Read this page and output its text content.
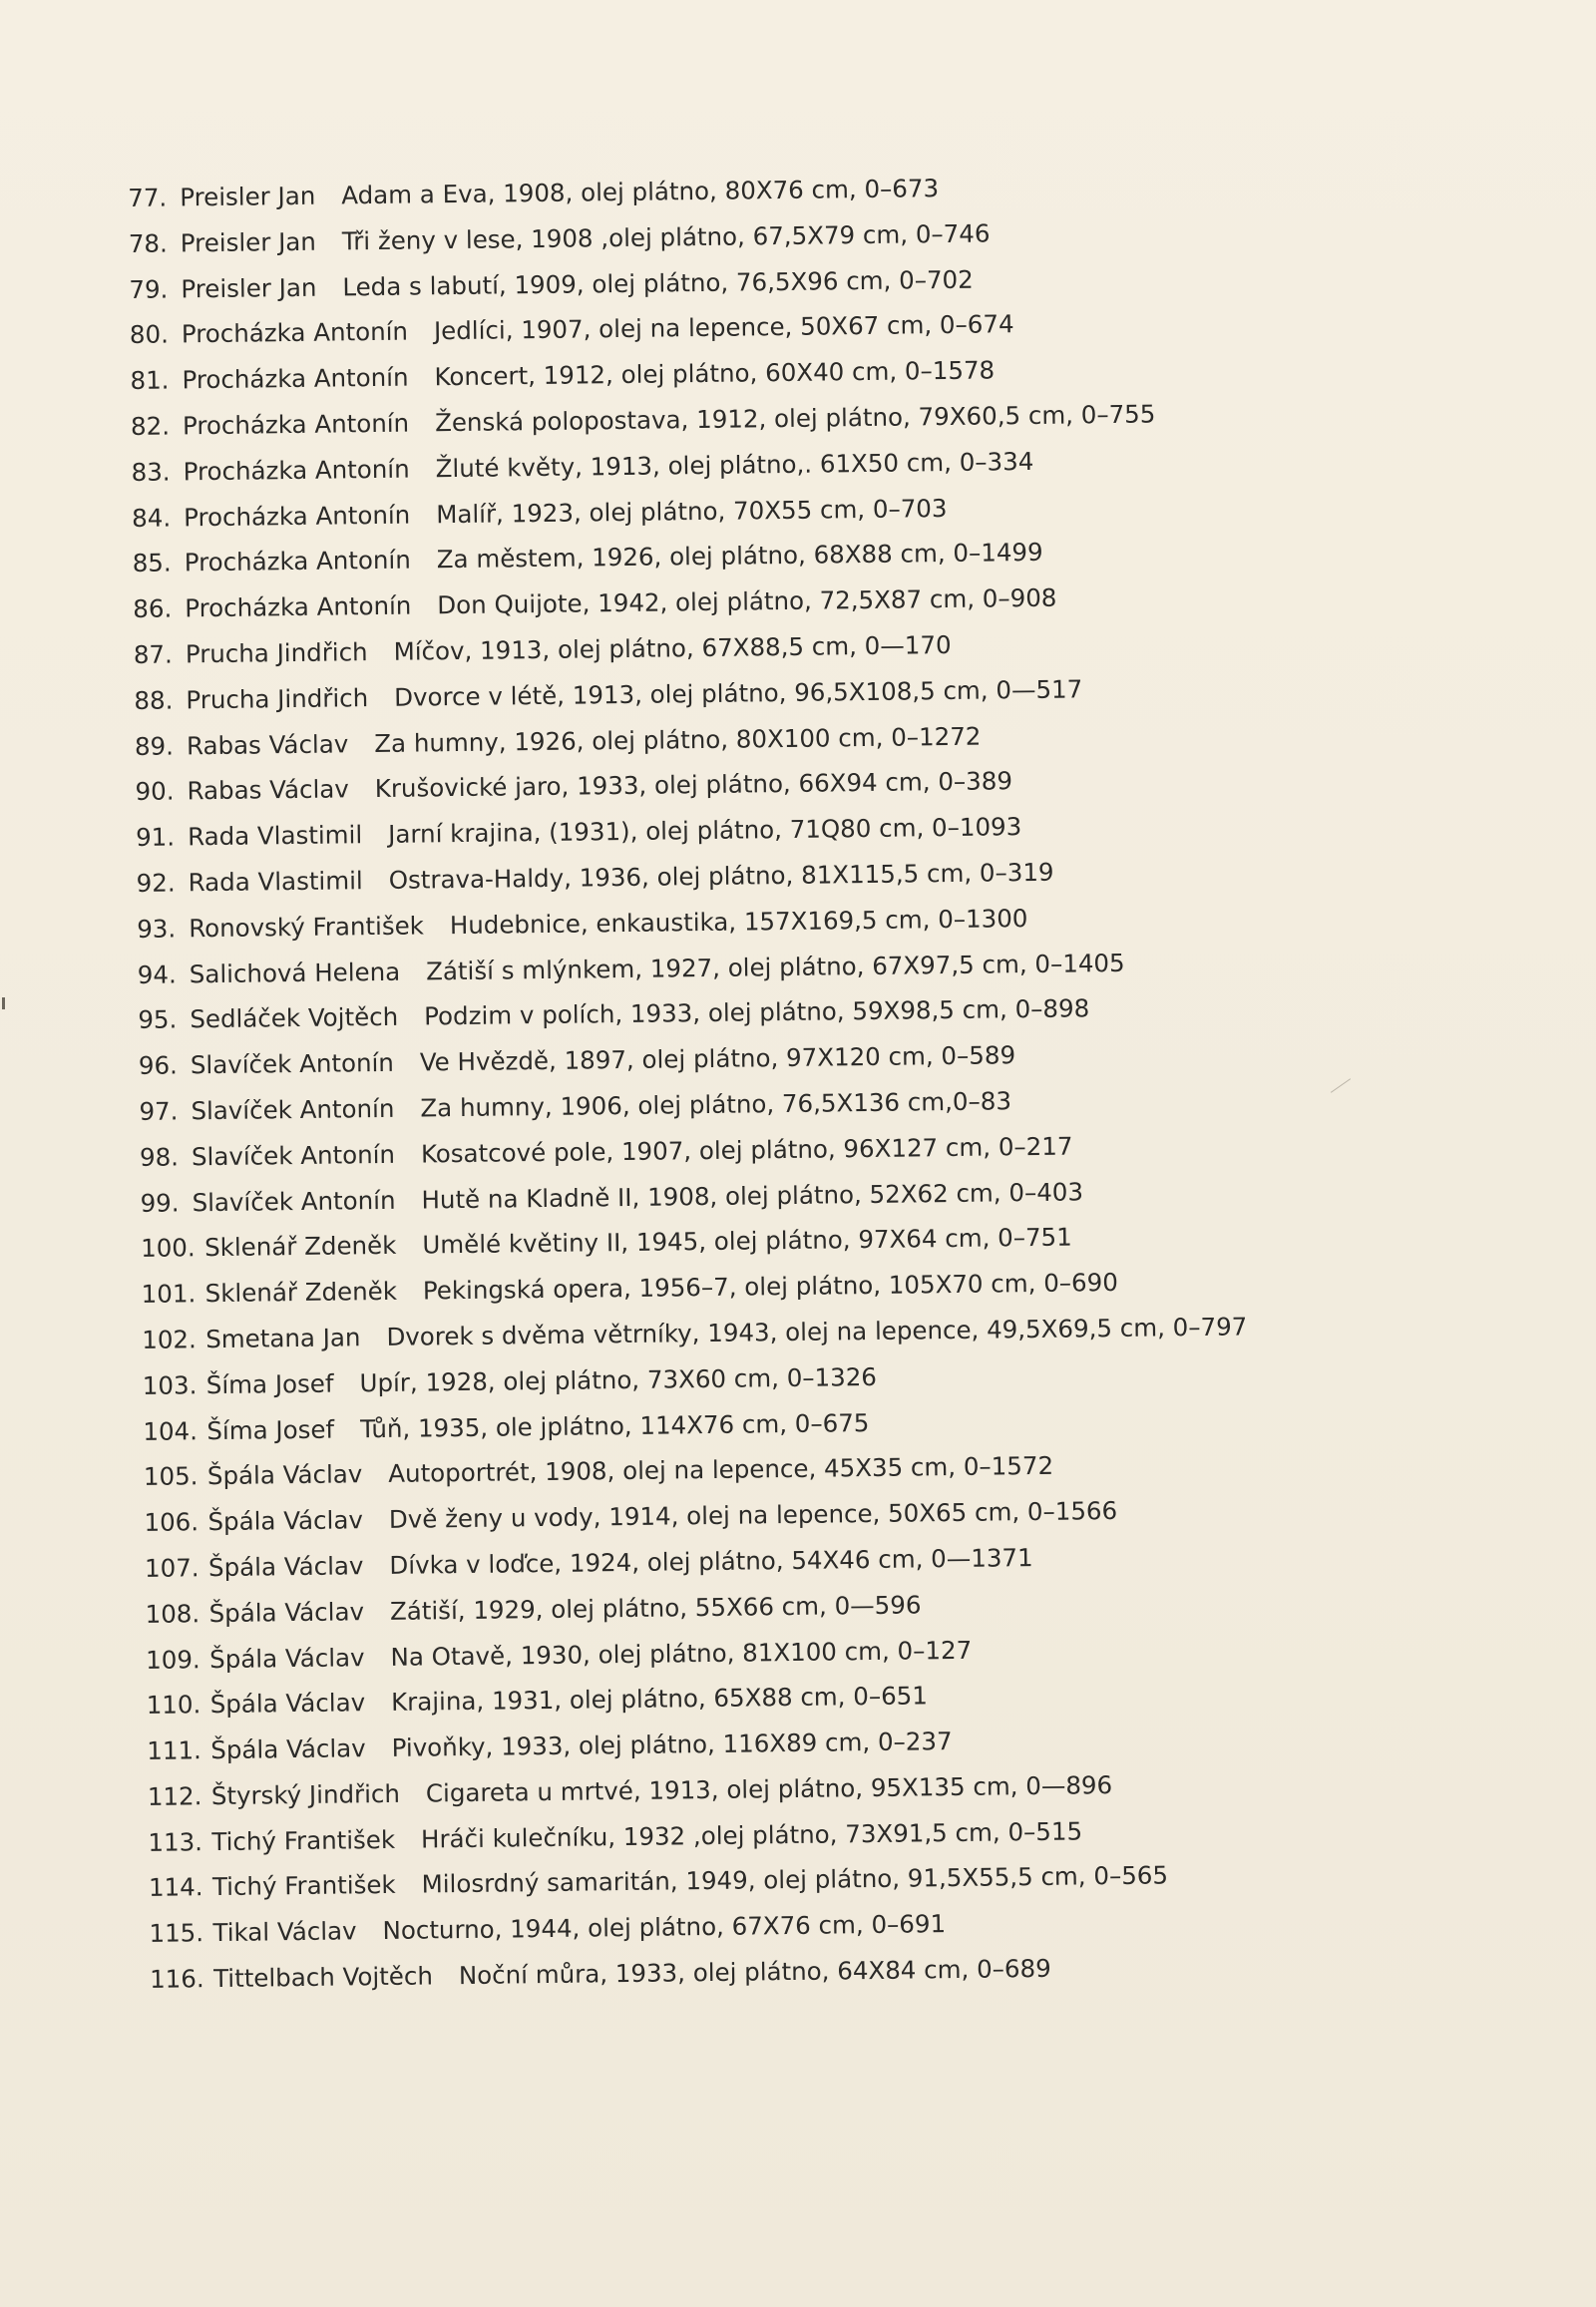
77. Preisler Jan Adam a Eva, 1908, olej plátno, 80X76 cm, 0–673
78. Preisler Jan Tři ženy v lese, 1908 ,olej plátno, 67,5X79 cm, 0–746
79. Preisler Jan Leda s labutí, 1909, olej plátno, 76,5X96 cm, 0–702
80. Procházka Antonín Jedlíci, 1907, olej na lepence, 50X67 cm, 0–674
81. Procházka Antonín Koncert, 1912, olej plátno, 60X40 cm, 0–1578
82. Procházka Antonín Ženská polopostava, 1912, olej plátno, 79X60,5 cm, 0–755
83. Procházka Antonín Žluté květy, 1913, olej plátno,. 61X50 cm, 0–334
84. Procházka Antonín Malíř, 1923, olej plátno, 70X55 cm, 0–703
85. Procházka Antonín Za městem, 1926, olej plátno, 68X88 cm, 0–1499
86. Procházka Antonín Don Quijote, 1942, olej plátno, 72,5X87 cm, 0–908
87. Prucha Jindřich Míčov, 1913, olej plátno, 67X88,5 cm, 0—170
88. Prucha Jindřich Dvorce v létě, 1913, olej plátno, 96,5X108,5 cm, 0—517
89. Rabas Václav Za humny, 1926, olej plátno, 80X100 cm, 0–1272
90. Rabas Václav Krušovické jaro, 1933, olej plátno, 66X94 cm, 0–389
91. Rada Vlastimil Jarní krajina, (1931), olej plátno, 71Q80 cm, 0–1093
92. Rada Vlastimil Ostrava-Haldy, 1936, olej plátno, 81X115,5 cm, 0–319
93. Ronovský František Hudebnice, enkaustika, 157X169,5 cm, 0–1300
94. Salichová Helena Zátiší s mlýnkem, 1927, olej plátno, 67X97,5 cm, 0–1405
95. Sedláček Vojtěch Podzim v polích, 1933, olej plátno, 59X98,5 cm, 0–898
96. Slavíček Antonín Ve Hvězdě, 1897, olej plátno, 97X120 cm, 0–589
97. Slavíček Antonín Za humny, 1906, olej plátno, 76,5X136 cm,0–83
98. Slavíček Antonín Kosatcové pole, 1907, olej plátno, 96X127 cm, 0–217
99. Slavíček Antonín Hutě na Kladně II, 1908, olej plátno, 52X62 cm, 0–403
100. Sklenář Zdeněk Umělé květiny II, 1945, olej plátno, 97X64 cm, 0–751
101. Sklenář Zdeněk Pekingská opera, 1956–7, olej plátno, 105X70 cm, 0–690
102. Smetana Jan Dvorek s dvěma větrníky, 1943, olej na lepence, 49,5X69,5 cm, 0–797
103. Šíma Josef Upír, 1928, olej plátno, 73X60 cm, 0–1326
104. Šíma Josef Tůň, 1935, ole jplátno, 114X76 cm, 0–675
105. Špála Václav Autoportrét, 1908, olej na lepence, 45X35 cm, 0–1572
106. Špála Václav Dvě ženy u vody, 1914, olej na lepence, 50X65 cm, 0–1566
107. Špála Václav Dívka v loďce, 1924, olej plátno, 54X46 cm, 0—1371
108. Špála Václav Zátiší, 1929, olej plátno, 55X66 cm, 0—596
109. Špála Václav Na Otavě, 1930, olej plátno, 81X100 cm, 0–127
110. Špála Václav Krajina, 1931, olej plátno, 65X88 cm, 0–651
111. Špála Václav Pivoňky, 1933, olej plátno, 116X89 cm, 0–237
112. Štyrský Jindřich Cigareta u mrtvé, 1913, olej plátno, 95X135 cm, 0—896
113. Tichý František Hráči kulečníku, 1932 ,olej plátno, 73X91,5 cm, 0–515
114. Tichý František Milosrdný samaritán, 1949, olej plátno, 91,5X55,5 cm, 0–565
115. Tikal Václav Nocturno, 1944, olej plátno, 67X76 cm, 0–691
116. Tittelbach Vojtěch Noční můra, 1933, olej plátno, 64X84 cm, 0–689
